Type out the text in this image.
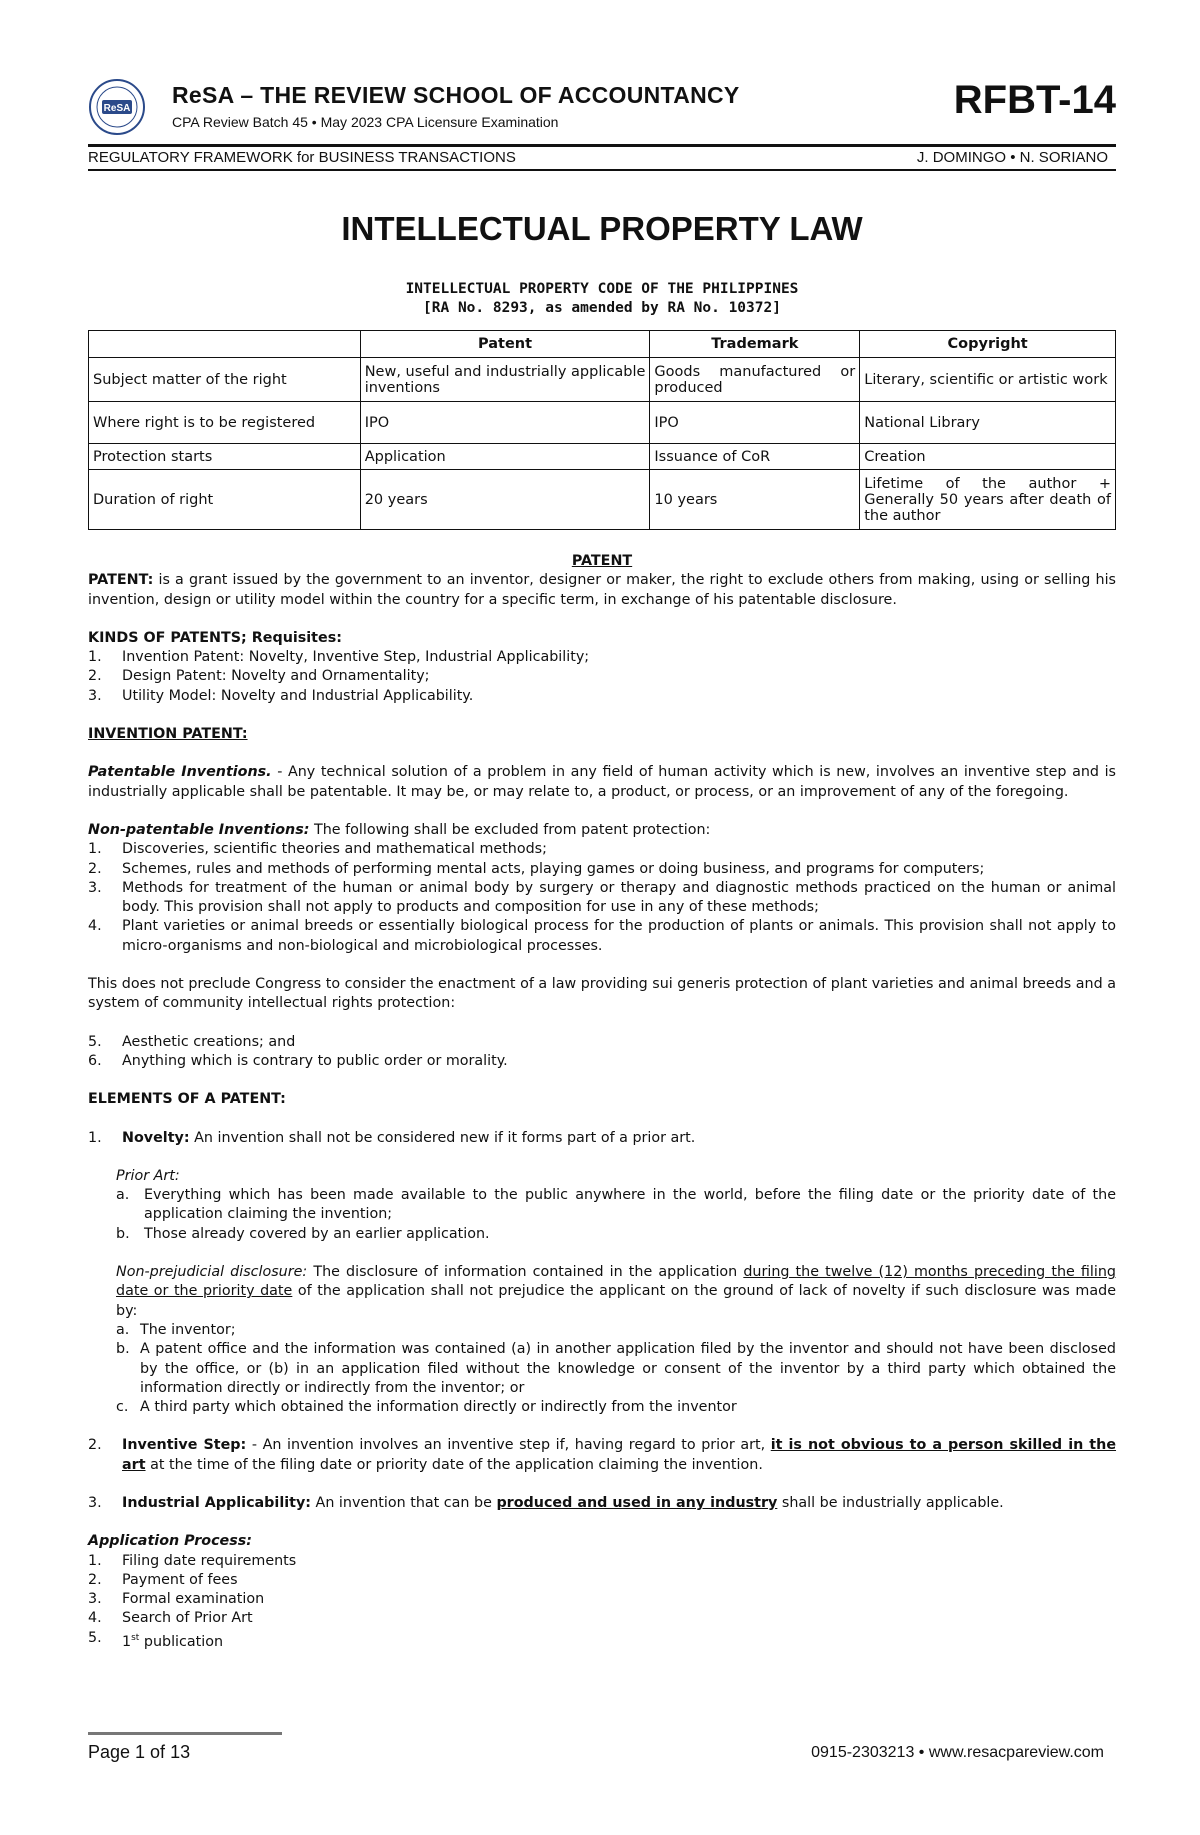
ReSA
ReSA – THE REVIEW SCHOOL OF ACCOUNTANCY
CPA Review Batch 45 • May 2023 CPA Licensure Examination	RFBT-14
REGULATORY FRAMEWORK for BUSINESS TRANSACTIONS	J. DOMINGO • N. SORIANO
INTELLECTUAL PROPERTY LAW
INTELLECTUAL PROPERTY CODE OF THE PHILIPPINES
[RA No. 8293, as amended by RA No. 10372]
	Patent	Trademark	Copyright
Subject matter of the right	New, useful and industrially applicable inventions	Goods manufactured or produced	Literary, scientific or artistic work
Where right is to be registered	IPO	IPO	National Library
Protection starts	Application	Issuance of CoR	Creation
Duration of right	20 years	10 years	Lifetime of the author + Generally 50 years after death of the author

PATENT

PATENT: is a grant issued by the government to an inventor, designer or maker, the right to exclude others from making, using or selling his invention, design or utility model within the country for a specific term, in exchange of his patentable disclosure.

KINDS OF PATENTS; Requisites:

1. Invention Patent: Novelty, Inventive Step, Industrial Applicability;
2. Design Patent: Novelty and Ornamentality;
3. Utility Model: Novelty and Industrial Applicability.

INVENTION PATENT:

Patentable Inventions. - Any technical solution of a problem in any field of human activity which is new, involves an inventive step and is industrially applicable shall be patentable. It may be, or may relate to, a product, or process, or an improvement of any of the foregoing.

Non-patentable Inventions: The following shall be excluded from patent protection:

1. Discoveries, scientific theories and mathematical methods;
2. Schemes, rules and methods of performing mental acts, playing games or doing business, and programs for computers;
3. Methods for treatment of the human or animal body by surgery or therapy and diagnostic methods practiced on the human or animal body. This provision shall not apply to products and composition for use in any of these methods;
4. Plant varieties or animal breeds or essentially biological process for the production of plants or animals. This provision shall not apply to micro-organisms and non-biological and microbiological processes.

This does not preclude Congress to consider the enactment of a law providing sui generis protection of plant varieties and animal breeds and a system of community intellectual rights protection:

5. Aesthetic creations; and
6. Anything which is contrary to public order or morality.

ELEMENTS OF A PATENT:

1. Novelty: An invention shall not be considered new if it forms part of a prior art.

Prior Art:

a. Everything which has been made available to the public anywhere in the world, before the filing date or the priority date of the application claiming the invention;
b. Those already covered by an earlier application.

Non-prejudicial disclosure: The disclosure of information contained in the application during the twelve (12) months preceding the filing date or the priority date of the application shall not prejudice the applicant on the ground of lack of novelty if such disclosure was made by:

a. The inventor;
b. A patent office and the information was contained (a) in another application filed by the inventor and should not have been disclosed by the office, or (b) in an application filed without the knowledge or consent of the inventor by a third party which obtained the information directly or indirectly from the inventor; or
c. A third party which obtained the information directly or indirectly from the inventor
2. Inventive Step: - An invention involves an inventive step if, having regard to prior art, it is not obvious to a person skilled in the art at the time of the filing date or priority date of the application claiming the invention.
3. Industrial Applicability: An invention that can be produced and used in any industry shall be industrially applicable.

Application Process:

1. Filing date requirements
2. Payment of fees
3. Formal examination
4. Search of Prior Art
5. 1st publication
Page 1 of 13	0915-2303213 • www.resacpareview.com
